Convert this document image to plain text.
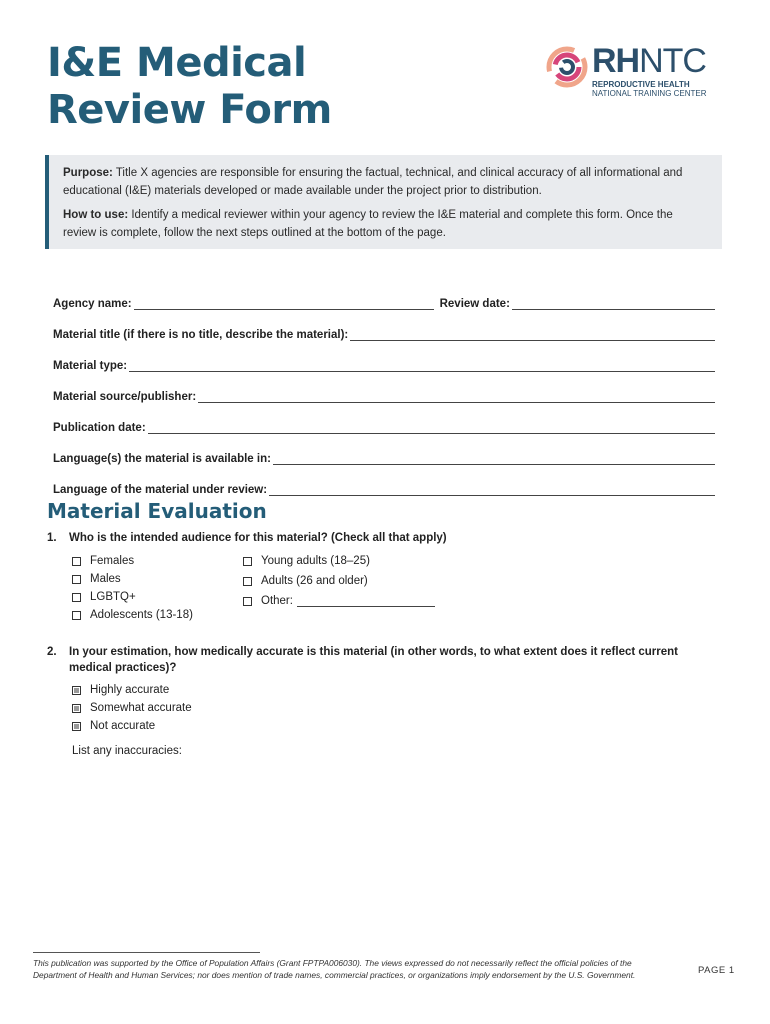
I&E Medical
Review Form
RHNTC
REPRODUCTIVE HEALTH
NATIONAL TRAINING CENTER

Purpose: Title X agencies are responsible for ensuring the factual, technical, and clinical accuracy of all informational and educational (I&E) materials developed or made available under the project prior to distribution.

How to use: Identify a medical reviewer within your agency to review the I&E material and complete this form. Once the review is complete, follow the next steps outlined at the bottom of the page.

Agency name:	Review date:
Material title (if there is no title, describe the material):
Material type:
Material source/publisher:
Publication date:
Language(s) the material is available in:
Language of the material under review:
Material Evaluation
1. Who is the intended audience for this material? (Check all that apply)
Females
Males
LGBTQ+
Adolescents (13-18)
Young adults (18–25)
Adults (26 and older)
Other:
2. In your estimation, how medically accurate is this material (in other words, to what extent does it reflect current
medical practices)?
Highly accurate
Somewhat accurate
Not accurate
List any inaccuracies:
This publication was supported by the Office of Population Affairs (Grant FPTPA006030). The views expressed do not necessarily reflect the official policies of the
Department of Health and Human Services; nor does mention of trade names, commercial practices, or organizations imply endorsement by the U.S. Government.	PAGE 1
